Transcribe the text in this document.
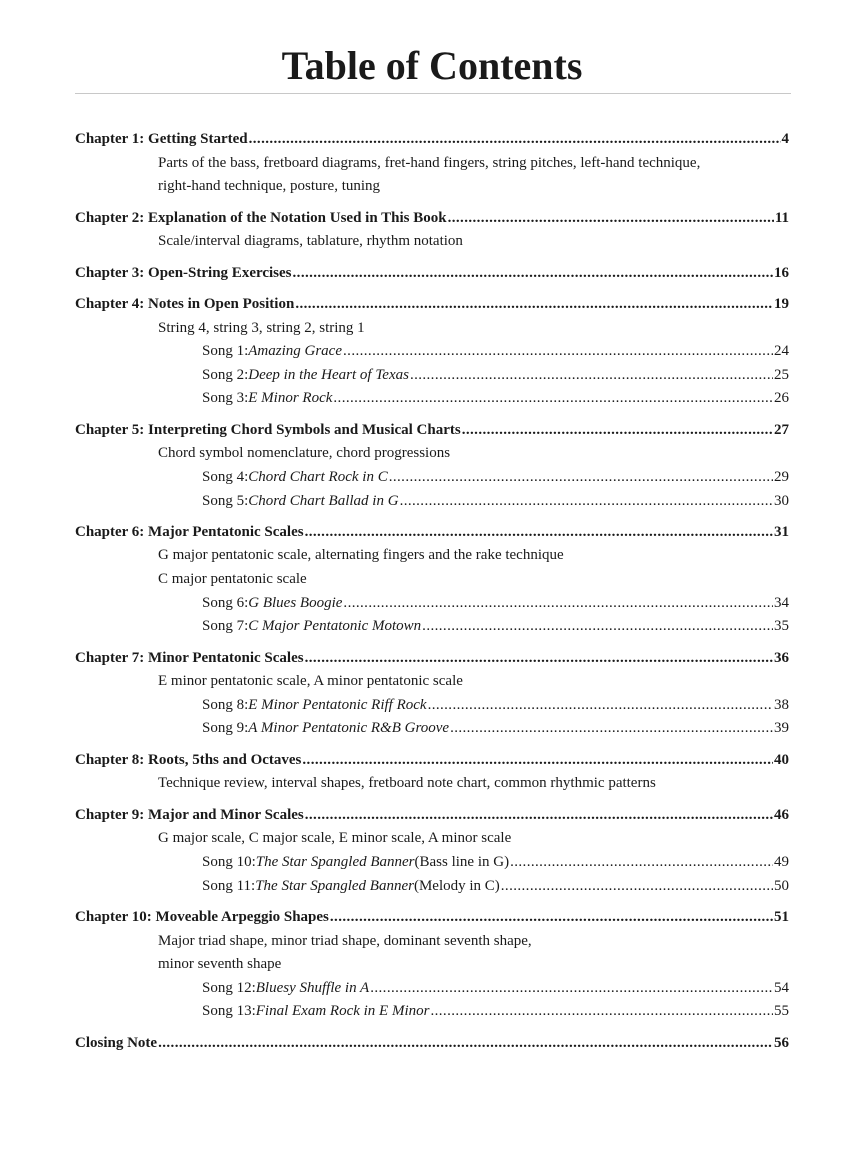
Table of Contents
Chapter 1: Getting Started .....	4
Parts of the bass, fretboard diagrams, fret-hand fingers, string pitches, left-hand technique,
right-hand technique, posture, tuning
Chapter 2: Explanation of the Notation Used in This Book .....	11
Scale/interval diagrams, tablature, rhythm notation
Chapter 3: Open-String Exercises .....	16
Chapter 4: Notes in Open Position .....	19
String 4, string 3, string 2, string 1
Song 1: Amazing Grace .....	24
Song 2: Deep in the Heart of Texas .....	25
Song 3: E Minor Rock .....	26
Chapter 5: Interpreting Chord Symbols and Musical Charts .....	27
Chord symbol nomenclature, chord progressions
Song 4: Chord Chart Rock in C .....	29
Song 5: Chord Chart Ballad in G .....	30
Chapter 6: Major Pentatonic Scales .....	31
G major pentatonic scale, alternating fingers and the rake technique
C major pentatonic scale
Song 6: G Blues Boogie .....	34
Song 7: C Major Pentatonic Motown .....	35
Chapter 7: Minor Pentatonic Scales .....	36
E minor pentatonic scale, A minor pentatonic scale
Song 8: E Minor Pentatonic Riff Rock .....	38
Song 9: A Minor Pentatonic R&B Groove .....	39
Chapter 8: Roots, 5ths and Octaves .....	40
Technique review, interval shapes, fretboard note chart, common rhythmic patterns
Chapter 9: Major and Minor Scales .....	46
G major scale, C major scale, E minor scale, A minor scale
Song 10: The Star Spangled Banner (Bass line in G) .....	49
Song 11: The Star Spangled Banner (Melody in C) .....	50
Chapter 10: Moveable Arpeggio Shapes .....	51
Major triad shape, minor triad shape, dominant seventh shape,
minor seventh shape
Song 12: Bluesy Shuffle in A .....	54
Song 13: Final Exam Rock in E Minor .....	55
Closing Note .....	56
